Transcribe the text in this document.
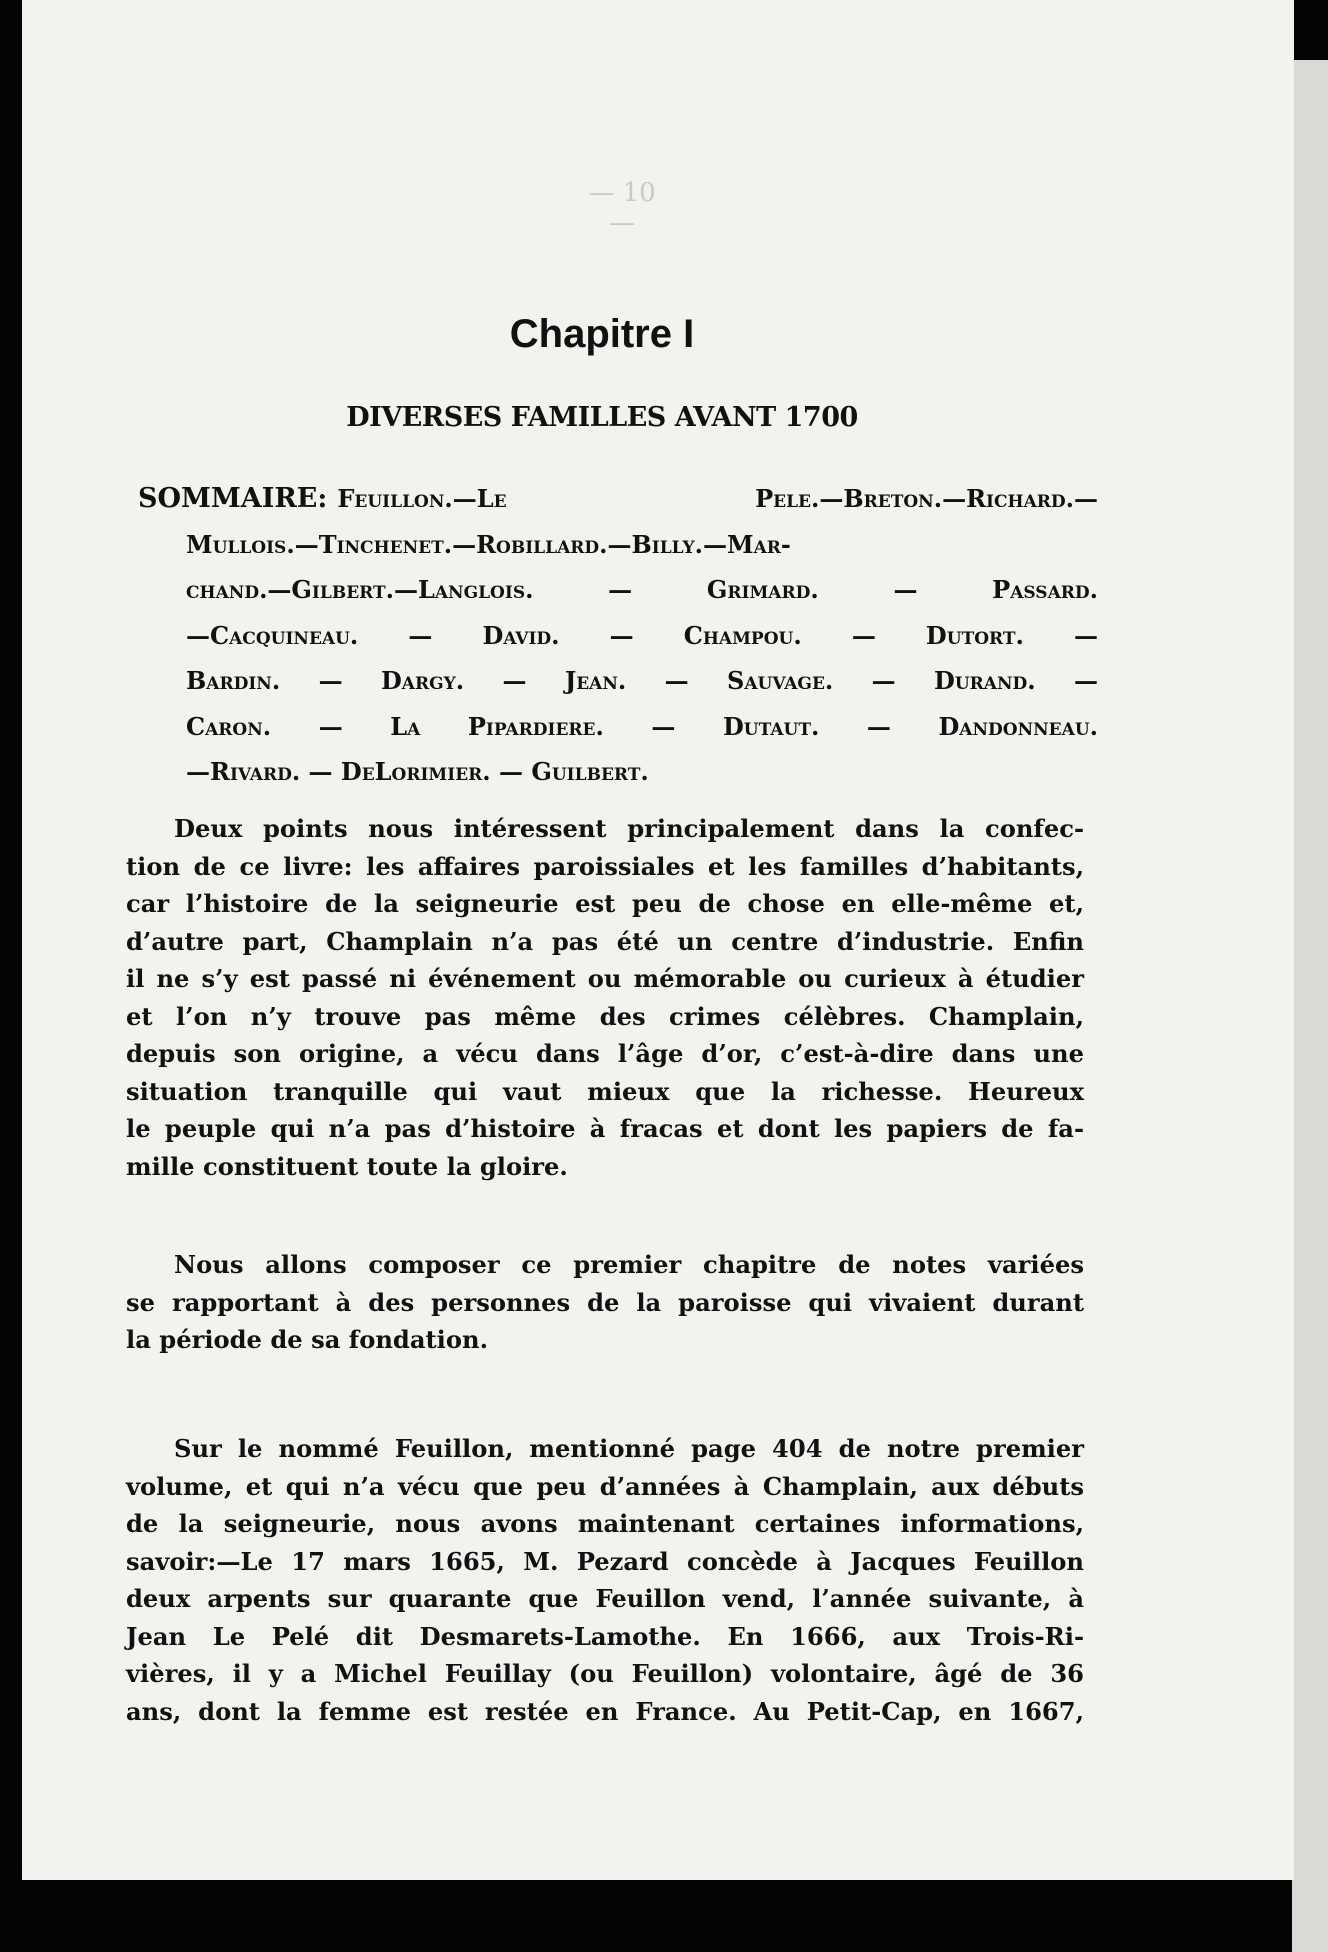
— 10 —
Chapitre I
DIVERSES FAMILLES AVANT 1700
SOMMAIRE: Feuillon.—Le Pele.—Breton.—Richard.—
Mullois.—Tinchenet.—Robillard.—Billy.—Mar-
chand.—Gilbert.—Langlois. — Grimard. — Passard.
—Cacquineau. — David. — Champou. — Dutort. —
Bardin. — Dargy. — Jean. — Sauvage. — Durand. —
Caron. — La Pipardiere. — Dutaut. — Dandonneau.
—Rivard. — DeLorimier. — Guilbert.
Deux points nous intéressent principalement dans la confec-
tion de ce livre: les affaires paroissiales et les familles d’habitants,
car l’histoire de la seigneurie est peu de chose en elle-même et,
d’autre part, Champlain n’a pas été un centre d’industrie. Enfin
il ne s’y est passé ni événement ou mémorable ou curieux à étudier
et l’on n’y trouve pas même des crimes célèbres. Champlain,
depuis son origine, a vécu dans l’âge d’or, c’est-à-dire dans une
situation tranquille qui vaut mieux que la richesse. Heureux
le peuple qui n’a pas d’histoire à fracas et dont les papiers de fa-
mille constituent toute la gloire.
Nous allons composer ce premier chapitre de notes variées
se rapportant à des personnes de la paroisse qui vivaient durant
la période de sa fondation.
Sur le nommé Feuillon, mentionné page 404 de notre premier
volume, et qui n’a vécu que peu d’années à Champlain, aux débuts
de la seigneurie, nous avons maintenant certaines informations,
savoir:—Le 17 mars 1665, M. Pezard concède à Jacques Feuillon
deux arpents sur quarante que Feuillon vend, l’année suivante, à
Jean Le Pelé dit Desmarets-Lamothe. En 1666, aux Trois-Ri-
vières, il y a Michel Feuillay (ou Feuillon) volontaire, âgé de 36
ans, dont la femme est restée en France. Au Petit-Cap, en 1667,
